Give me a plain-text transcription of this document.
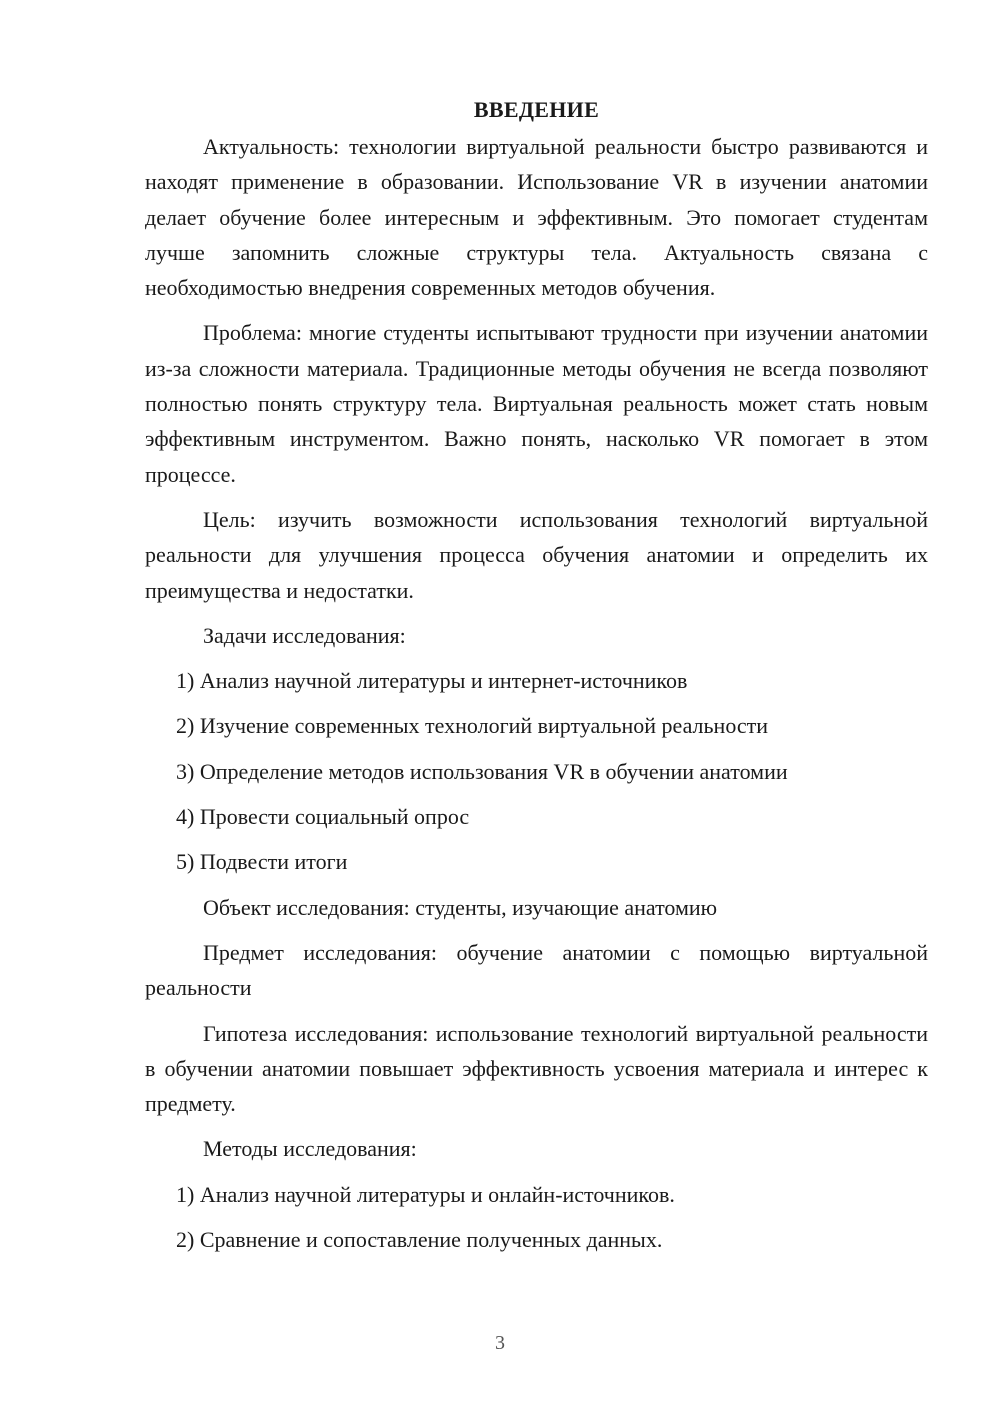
ВВЕДЕНИЕ

Актуальность: технологии виртуальной реальности быстро развиваются и находят применение в образовании. Использование VR в изучении анатомии делает обучение более интересным и эффективным. Это помогает студентам лучше запомнить сложные структуры тела. Актуальность связана с необходимостью внедрения современных методов обучения.

Проблема: многие студенты испытывают трудности при изучении анатомии из-за сложности материала. Традиционные методы обучения не всегда позволяют полностью понять структуру тела. Виртуальная реальность может стать новым эффективным инструментом. Важно понять, насколько VR помогает в этом процессе.

Цель: изучить возможности использования технологий виртуальной реальности для улучшения процесса обучения анатомии и определить их преимущества и недостатки.

Задачи исследования:
1) Анализ научной литературы и интернет-источников
2) Изучение современных технологий виртуальной реальности
3) Определение методов использования VR в обучении анатомии
4) Провести социальный опрос
5) Подвести итоги
Объект исследования: студенты, изучающие анатомию

Предмет исследования: обучение анатомии с помощью виртуальной реальности

Гипотеза исследования: использование технологий виртуальной реальности в обучении анатомии повышает эффективность усвоения материала и интерес к предмету.

Методы исследования:
1) Анализ научной литературы и онлайн-источников.
2) Сравнение и сопоставление полученных данных.
3
